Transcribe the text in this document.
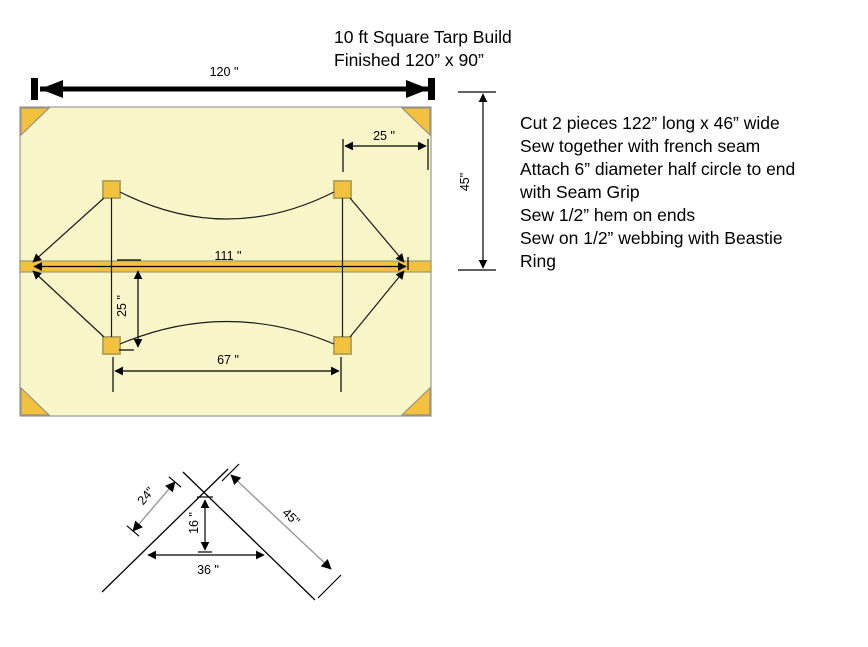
10 ft Square Tarp Build
Finished 120” x 90”
Cut 2 pieces 122” long x 46” wide
Sew together with french seam
Attach 6” diameter half circle to end
with Seam Grip
Sew 1/2” hem on ends
Sew on 1/2” webbing with Beastie
Ring
120 "
111 "
25 "
67 "
25 "
45"
16 "
36 "
24"
45"
